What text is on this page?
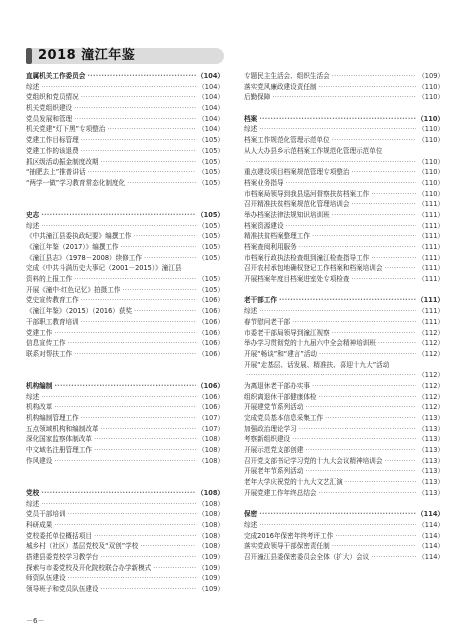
2018 潼江年鉴
直属机关工作委员会 ·····	（104）
综述 ·····	（104）
党组织和党员情况 ·····	（104）
机关党组织建设 ·····	（104）
党员发展和管理 ·····	（104）
机关党建“灯下黑”专项整治 ·····	（104）
党建工作目标管理 ·····	（105）
党建工作的该退费 ·····	（105）
抓区级活动振金制度改期 ·····	（105）
“抽肥去上”推普讲话 ·····	（105）
“两学一做”学习教育常态化制度化 ·····	（105）
史志 ·····	（105）
综述 ·····	（105）
《中共潼江县委执政纪要》编撰工作 ·····	（105）
《潼江年鉴（2017）》编撰工作 ·····	（105）
《潼江县志》（1978－2008）续修工作 ·····	（105）
完成《中共斗满历史大事记（2001－2015）》潼江县
资料的上报工作 ·····	（105）
开展《潼中·红色记忆》拍摄工作 ·····	（105）
党史宣传教育工作 ·····	（106）
《潼江年鉴》（2015）（2016）获奖 ·····	（106）
干部职工教育培训 ·····	（106）
党建工作 ·····	（106）
信息宣传工作 ·····	（106）
联系对帮扶工作 ·····	（106）
机构编制 ·····	（106）
综述 ·····	（106）
机构改革 ·····	（106）
机构编制管理工作 ·····	（107）
五点领域机构和编制改革 ·····	（107）
深化国家监察体制改革 ·····	（108）
中文域名注册管理工作 ·····	（108）
作风建设 ·····	（108）
党校 ·····	（108）
综述 ·····	（108）
党员干部培训 ·····	（108）
科研成果 ·····	（108）
党校委托单位概括项目 ·····	（108）
城乡村（社区）基层党校及“双创”学校 ·····	（108）
搭建县委党校学习教学台 ·····	（109）
探索与市委党校及开化院校联合办学新模式 ·····	（109）
师资队伍建设 ·····	（109）
领导班子和党员队伍建设 ·····	（109）
专题民主生活会、组织生活会 ·····	（109）
落实党风廉政建设责任制 ·····	（110）
后勤保障 ·····	（110）
档案 ·····	（110）
综述 ·····	（110）
档案工作规范化管理示范单位 ·····	（110）
从人大办县乡示范档案工作规范化管理示范单位
·····
（110）
重点建设项目档案规范管理专项整治 ·····	（110）
档案业务指导 ·····	（110）
市档案局领导到我县巡河督察扶贫档案工作 ·····	（110）
召开精准扶贫档案规范化管理培训会 ·····	（111）
举办档案法律法规知识培训班 ·····	（111）
档案资源建设 ·····	（111）
精准扶贫档案整理工作 ·····	（111）
档案查阅利用服务 ·····	（111）
市档案行政执法检查组到潼江检查指导工作 ·····	（111）
召开农村承包地确权登记工作档案和档案培训会 ·····	（111）
开展档案年度目档案进室处专项检查 ·····	（111）
老干部工作 ·····	（111）
综述 ·····	（111）
春节慰问老干部 ·····	（111）
市委老干部局领导到潼江视察 ·····	（112）
举办学习贯彻党的十九届六中全会精神培训班 ·····	（112）
开展“畅谈”和“建言”活动 ·····	（112）
开展“走基层、话发展、精准扶、喜迎十九大”活动
·····
（112）
为离退休老干部办实事 ·····	（112）
组织离退休干部健康体检 ·····	（112）
开展建党节系列活动 ·····	（112）
完成党员基本信息采集工作 ·····	（113）
加强政治理论学习 ·····	（113）
考察新组织建设 ·····	（113）
开展示范党支部创建 ·····	（113）
召开党支部书记学习党的十九大会议精神培训会 ·····	（113）
开展老年节系列活动 ·····	（113）
老年大学庆祝党的十九大文艺汇演 ·····	（113）
开展党建工作年终总结会 ·····	（113）
保密 ·····	（114）
综述 ·····	（114）
完成2016年保密年终考评工作 ·····	（114）
落实党政领导干部保密责任制 ·····	（114）
召开潼江县委保密委员会全体（扩大）会议 ·····	（114）
－6－
